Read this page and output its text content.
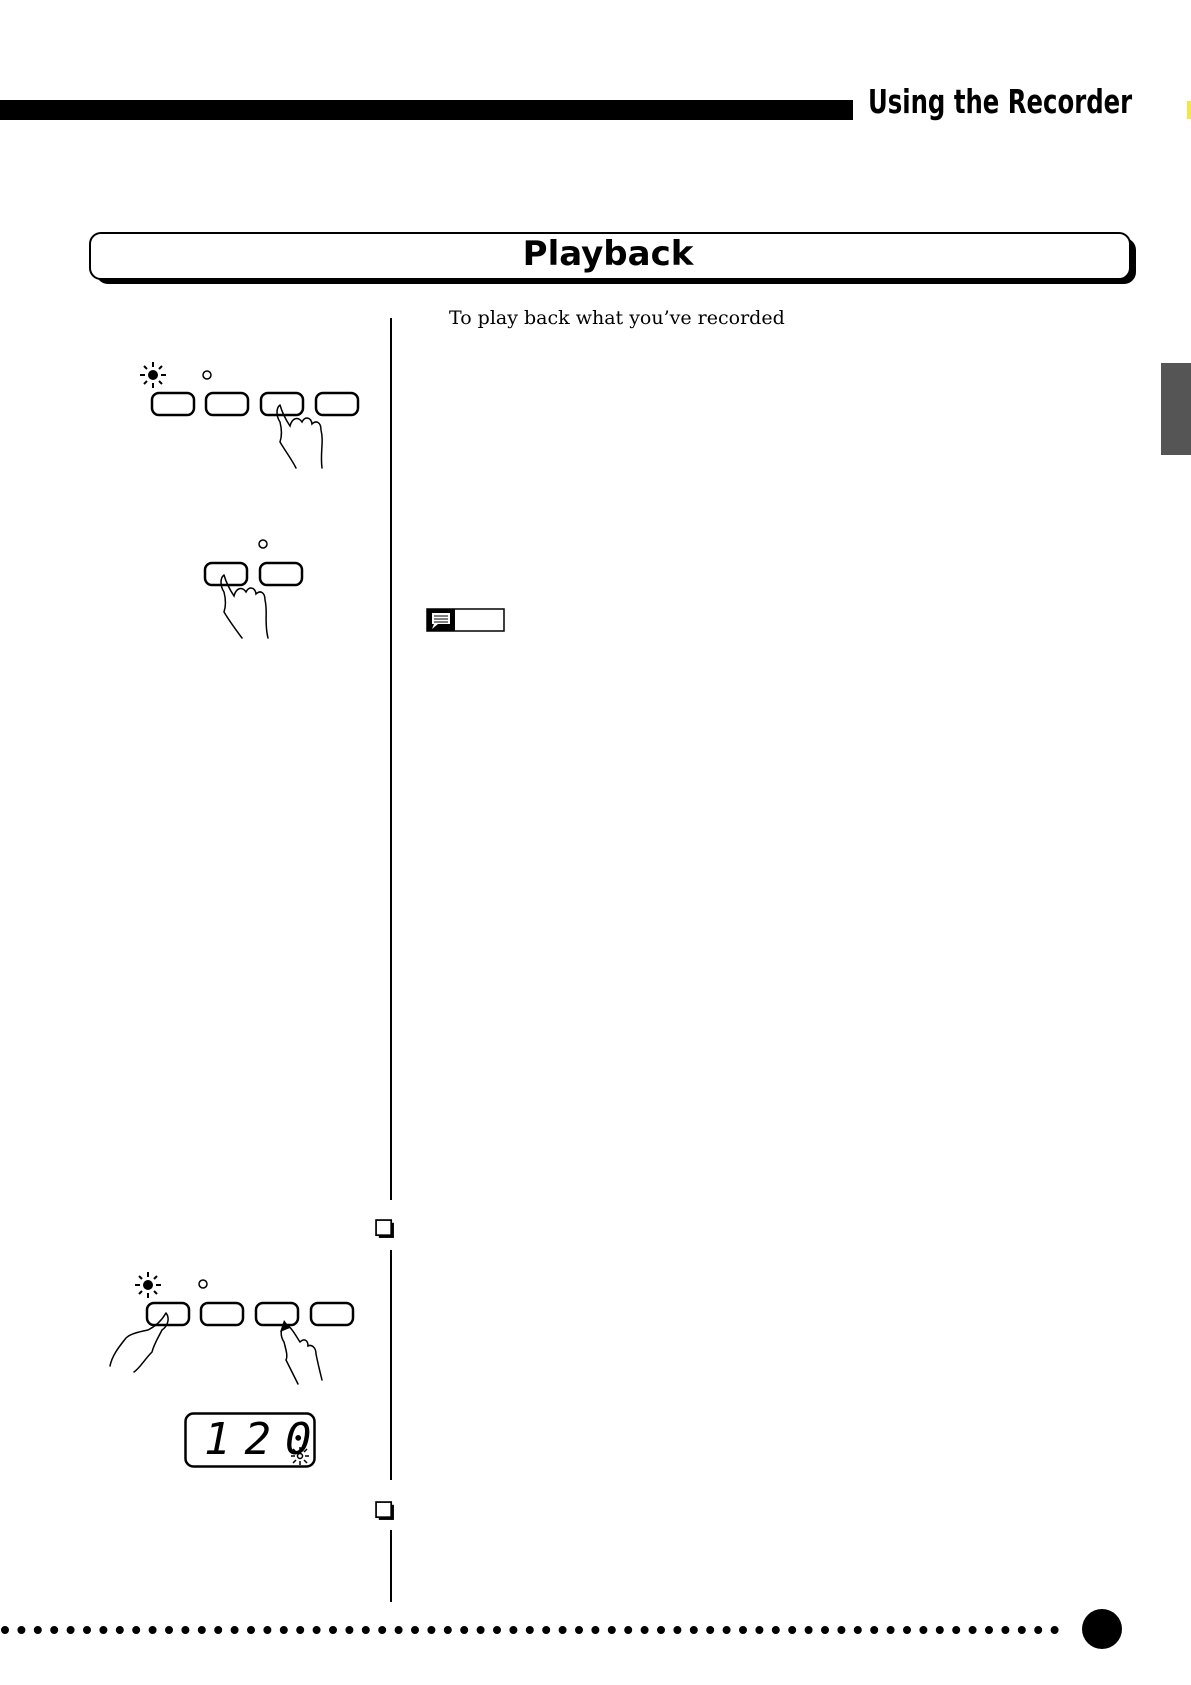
Using the Recorder
Playback
To play back what you’ve recorded
120
